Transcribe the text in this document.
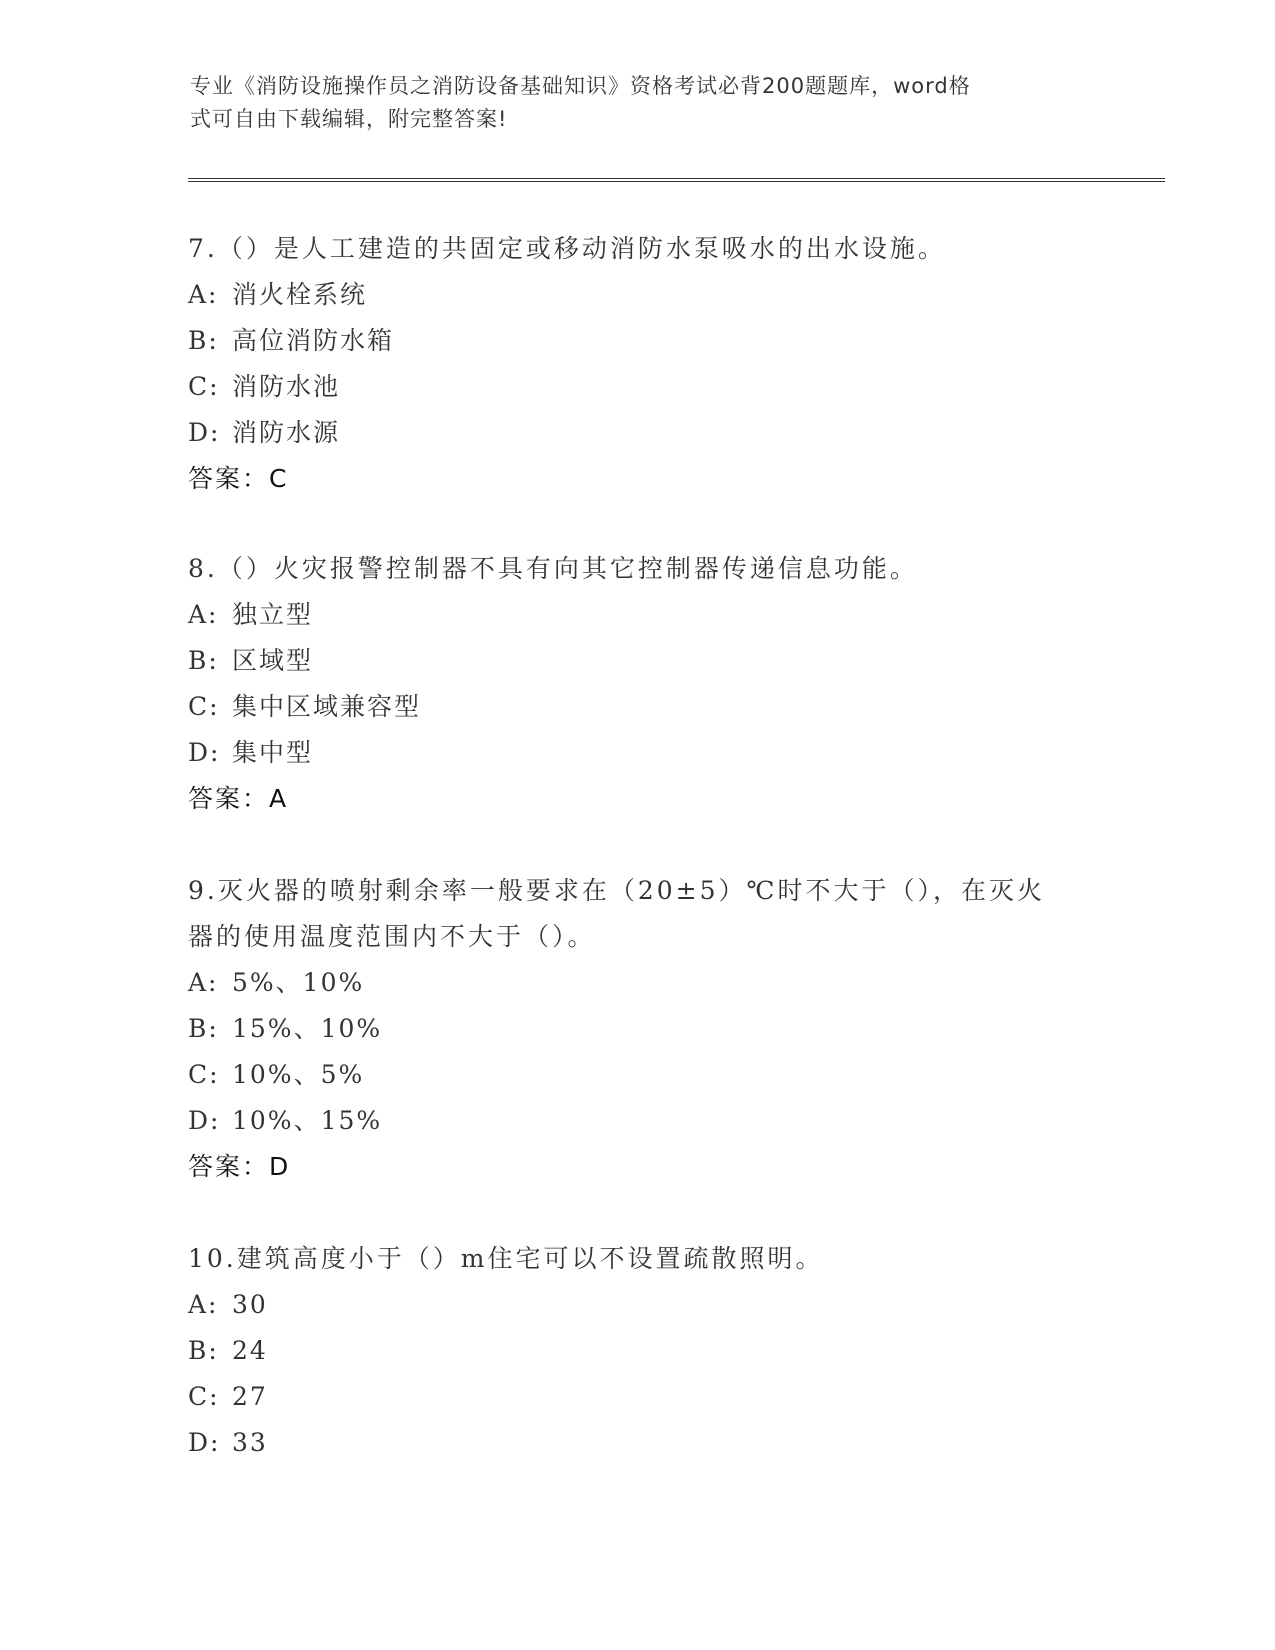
专业《消防设施操作员之消防设备基础知识》资格考试必背200题题库，word格
式可自由下载编辑，附完整答案!
7.（）是人工建造的共固定或移动消防水泵吸水的出水设施。
A: 消火栓系统
B: 高位消防水箱
C: 消防水池
D: 消防水源
答案：C
8.（）火灾报警控制器不具有向其它控制器传递信息功能。
A: 独立型
B: 区域型
C: 集中区域兼容型
D: 集中型
答案：A
9.灭火器的喷射剩余率一般要求在（20±5）℃时不大于（），在灭火
器的使用温度范围内不大于（）。
A: 5%、10%
B: 15%、10%
C: 10%、5%
D: 10%、15%
答案：D
10.建筑高度小于（）m住宅可以不设置疏散照明。
A: 30
B: 24
C: 27
D: 33
